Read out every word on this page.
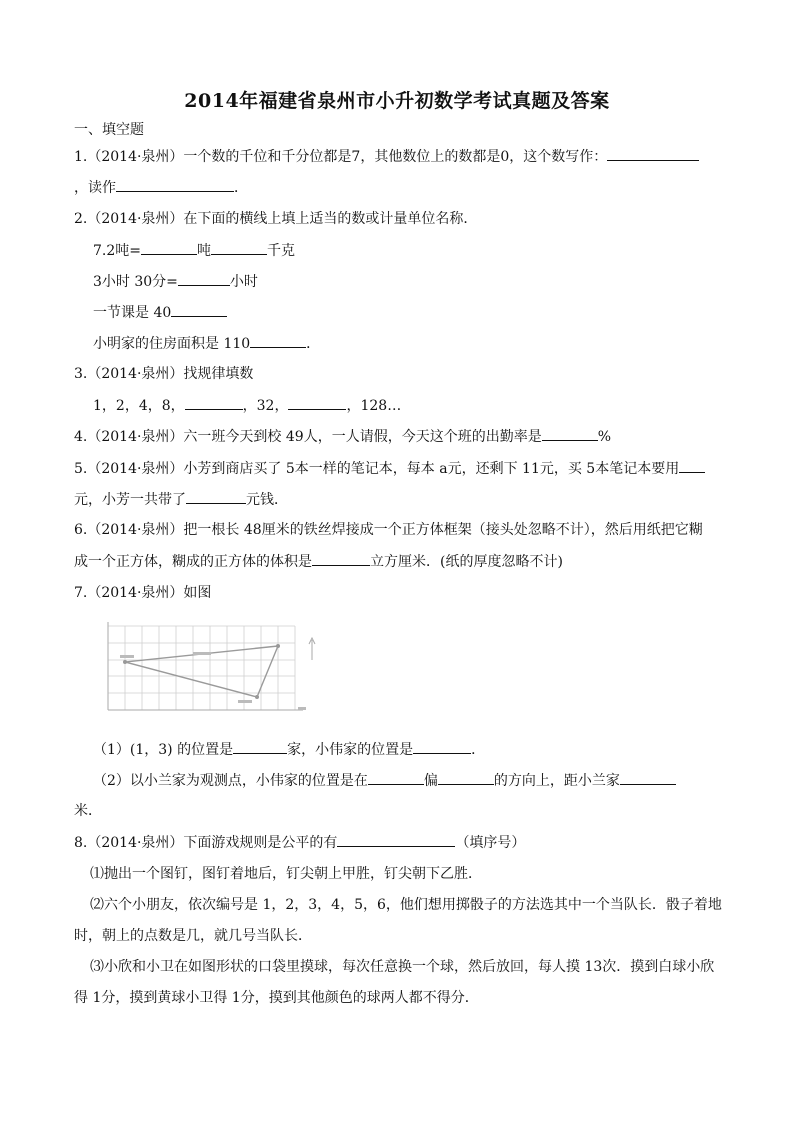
2014年福建省泉州市小升初数学考试真题及答案
一、填空题
1.（2014·泉州）一个数的千位和千分位都是7，其他数位上的数都是0，这个数写作：
，读作	．
2.（2014·泉州）在下面的横线上填上适当的数或计量单位名称．
7.2吨=	吨	千克
3小时 30分=	小时
一节课是 40
小明家的住房面积是 110	．
3.（2014·泉州）找规律填数
1，2，4，8，	，32，	，128…
4.（2014·泉州）六一班今天到校 49人，一人请假，今天这个班的出勤率是	%
5.（2014·泉州）小芳到商店买了 5本一样的笔记本，每本 a元，还剩下 11元，买 5本笔记本要用
元，小芳一共带了	元钱．
6.（2014·泉州）把一根长 48厘米的铁丝焊接成一个正方体框架（接头处忽略不计），然后用纸把它糊
成一个正方体，糊成的正方体的体积是	立方厘米．(纸的厚度忽略不计)
7.（2014·泉州）如图
（1）(1，3) 的位置是	家，小伟家的位置是	．
（2）以小兰家为观测点，小伟家的位置是在	偏	的方向上，距小兰家
米．
8.（2014·泉州）下面游戏规则是公平的有	（填序号）
⑴抛出一个图钉，图钉着地后，钉尖朝上甲胜，钉尖朝下乙胜．
⑵六个小朋友，依次编号是 1，2，3，4，5，6，他们想用掷骰子的方法选其中一个当队长．骰子着地
时，朝上的点数是几，就几号当队长．
⑶小欣和小卫在如图形状的口袋里摸球，每次任意换一个球，然后放回，每人摸 13次．摸到白球小欣
得 1分，摸到黄球小卫得 1分，摸到其他颜色的球两人都不得分．
